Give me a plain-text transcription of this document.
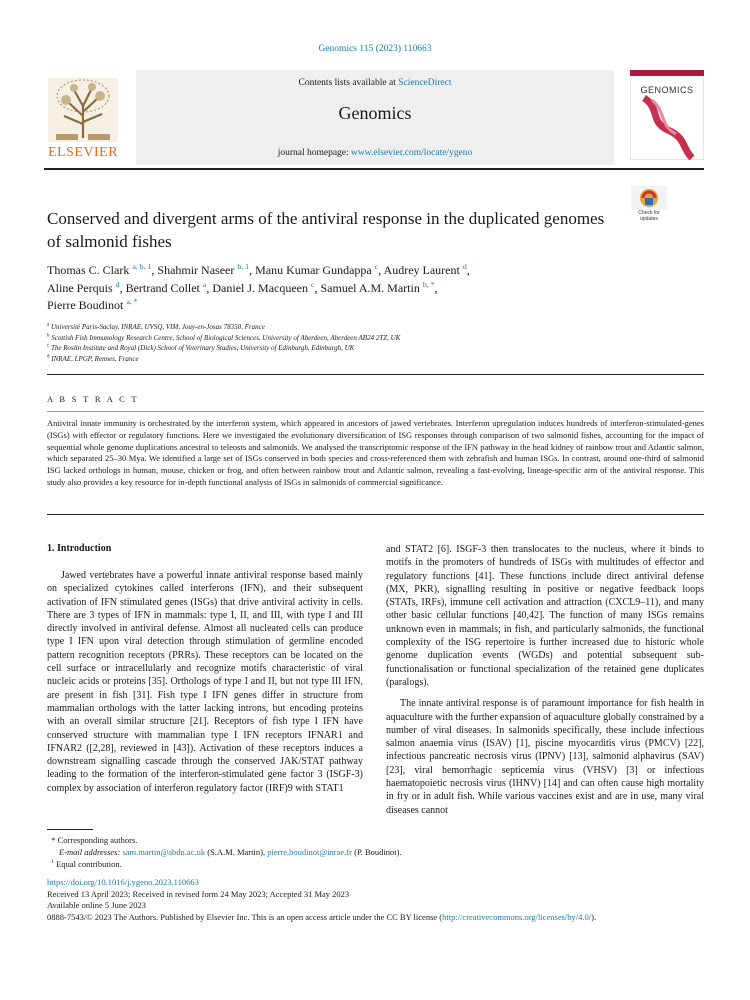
Genomics 115 (2023) 110663
ELSEVIER
Contents lists available at ScienceDirect
Genomics
journal homepage: www.elsevier.com/locate/ygeno
GENOMICS
Check for updates
Conserved and divergent arms of the antiviral response in the duplicated genomes of salmonid fishes
Thomas C. Clark $^{a, b, 1}$, Shahmir Naseer $^{b, 1}$, Manu Kumar Gundappa $^c$, Audrey Laurent $^d$,
Aline Perquis $^d$, Bertrand Collet $^a$, Daniel J. Macqueen $^c$, Samuel A.M. Martin $^{b, *}$,
Pierre Boudinot $^{a, *}$
$^a$ Université Paris-Saclay, INRAE, UVSQ, VIM, Jouy-en-Josas 78350, France
$^b$ Scottish Fish Immunology Research Centre, School of Biological Sciences, University of Aberdeen, Aberdeen AB24 2TZ, UK
$^c$ The Roslin Institute and Royal (Dick) School of Veterinary Studies, University of Edinburgh, Edinburgh, UK
$^d$ INRAE, LPGP, Rennes, France
A B S T R A C T
Antiviral innate immunity is orchestrated by the interferon system, which appeared in ancestors of jawed vertebrates. Interferon upregulation induces hundreds of interferon-stimulated-genes (ISGs) with effector or regulatory functions. Here we investigated the evolutionary diversification of ISG responses through comparison of two salmonid fishes, accounting for the impact of sequential whole genome duplications ancestral to teleosts and salmonids. We analysed the transcriptomic response of the IFN pathway in the head kidney of rainbow trout and Atlantic salmon, which separated 25–30 Mya. We identified a large set of ISGs conserved in both species and cross-referenced them with zebrafish and human ISGs. In contrast, around one-third of salmonid ISG lacked orthologs in human, mouse, chicken or frog, and often between rainbow trout and Atlantic salmon, revealing a fast-evolving, lineage-specific arm of the antiviral response. This study also provides a key resource for in-depth functional analysis of ISGs in salmonids of commercial significance.
1. Introduction

Jawed vertebrates have a powerful innate antiviral response based mainly on specialized cytokines called interferons (IFN), and their subsequent activation of IFN stimulated genes (ISGs) that drive antiviral activity in cells. There are 3 types of IFN in mammals: type I, II, and III, with type I and III directly involved in antiviral defense. Almost all nucleated cells can produce type I IFN upon viral detection through stimulation of germline encoded pattern recognition receptors (PRRs). These receptors can be located on the cell surface or intracellularly and recognize motifs characteristic of viral nucleic acids or proteins [35]. Orthologs of type I and II, but not type III IFN, are present in fish [31]. Fish type I IFN genes differ in structure from mammalian orthologs with the latter lacking introns, but encoding proteins with an overall similar structure [21]. Receptors of fish type I IFN have conserved structure with mammalian type I IFN receptors IFNAR1 and IFNAR2 ([2,28], reviewed in [43]). Activation of these receptors induces a downstream signalling cascade through the conserved JAK/STAT pathway leading to the formation of the interferon-stimulated gene factor 3 (ISGF-3) complex by association of interferon regulatory factor (IRF)9 with STAT1

and STAT2 [6]. ISGF-3 then translocates to the nucleus, where it binds to motifs in the promoters of hundreds of ISGs with multitudes of effector and regulatory functions [41]. These functions include direct antiviral defense (MX, PKR), signalling resulting in positive or negative feedback loops (STATs, IRFs), immune cell activation and attraction (CXCL9–11), and many other basic cellular functions [40,42]. The function of many ISGs remains unknown even in mammals; in fish, and particularly salmonids, the functional complexity of the ISG repertoire is further increased due to historic whole genome duplication events (WGDs) and potential subsequent sub-functionalisation or functional specialization of the retained gene duplicates (paralogs).

The innate antiviral response is of paramount importance for fish health in aquaculture with the further expansion of aquaculture globally constrained by a number of viral diseases. In salmonids specifically, these include infectious salmon anaemia virus (ISAV) [1], piscine myocarditis virus (PMCV) [22], infectious pancreatic necrosis virus (IPNV) [13], salmonid alphavirus (SAV) [23], viral hemorrhagic septicemia virus (VHSV) [3] or infectious haematopoietic necrosis virus (IHNV) [14] and can often cause high mortality in fry or in adult fish. While various vaccines exist and are in use, many viral diseases cannot

* Corresponding authors.
E-mail addresses: sam.martin@abdn.ac.uk (S.A.M. Martin), pierre.boudinot@inrae.fr (P. Boudinot).
$^1$ Equal contribution.
https://doi.org/10.1016/j.ygeno.2023.110663
Received 13 April 2023; Received in revised form 24 May 2023; Accepted 31 May 2023
Available online 5 June 2023
0888-7543/© 2023 The Authors. Published by Elsevier Inc. This is an open access article under the CC BY license (http://creativecommons.org/licenses/by/4.0/).
